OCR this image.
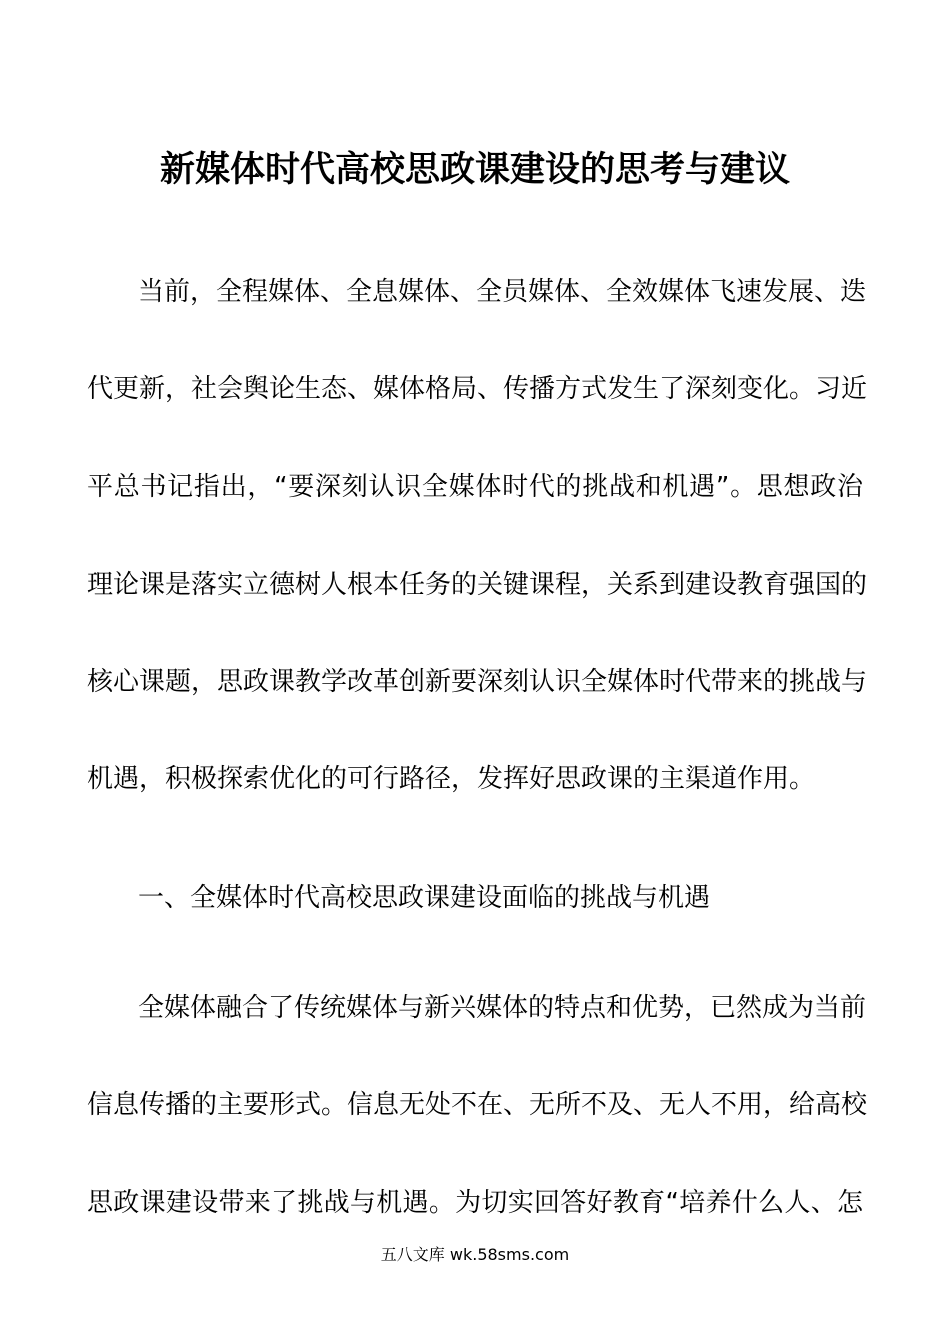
新媒体时代高校思政课建设的思考与建议

当前，全程媒体、全息媒体、全员媒体、全效媒体飞速发展、迭

代更新，社会舆论生态、媒体格局、传播方式发生了深刻变化。习近

平总书记指出，“要深刻认识全媒体时代的挑战和机遇”。思想政治

理论课是落实立德树人根本任务的关键课程，关系到建设教育强国的

核心课题，思政课教学改革创新要深刻认识全媒体时代带来的挑战与

机遇，积极探索优化的可行路径，发挥好思政课的主渠道作用。

一、全媒体时代高校思政课建设面临的挑战与机遇

全媒体融合了传统媒体与新兴媒体的特点和优势，已然成为当前

信息传播的主要形式。信息无处不在、无所不及、无人不用，给高校

思政课建设带来了挑战与机遇。为切实回答好教育“培养什么人、怎

五八文库 wk.58sms.com
